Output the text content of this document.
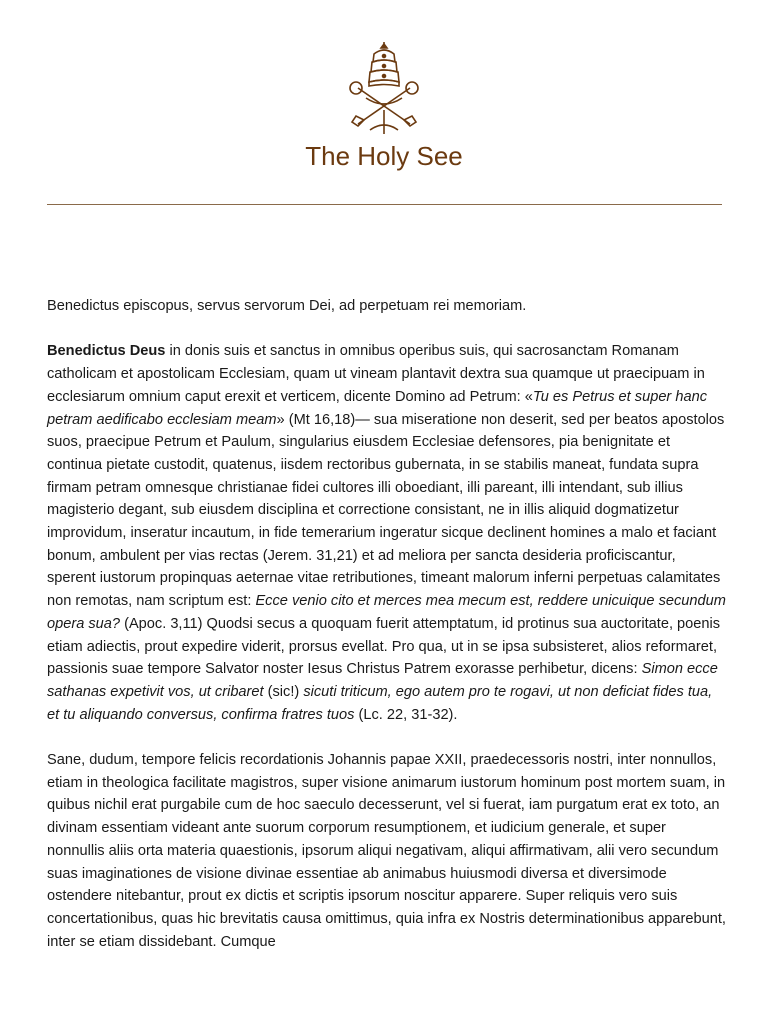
The Holy See

Benedictus episcopus, servus servorum Dei, ad perpetuam rei memoriam.

Benedictus Deus in donis suis et sanctus in omnibus operibus suis, qui sacrosanctam Romanam catholicam et apostolicam Ecclesiam, quam ut vineam plantavit dextra sua quamque ut praecipuam in ecclesiarum omnium caput erexit et verticem, dicente Domino ad Petrum: «Tu es Petrus et super hanc petram aedificabo ecclesiam meam» (Mt 16,18)— sua miseratione non deserit, sed per beatos apostolos suos, praecipue Petrum et Paulum, singularius eiusdem Ecclesiae defensores, pia benignitate et continua pietate custodit, quatenus, iisdem rectoribus gubernata, in se stabilis maneat, fundata supra firmam petram omnesque christianae fidei cultores illi oboediant, illi pareant, illi intendant, sub illius magisterio degant, sub eiusdem disciplina et correctione consistant, ne in illis aliquid dogmatizetur improvidum, inseratur incautum, in fide temerarium ingeratur sicque declinent homines a malo et faciant bonum, ambulent per vias rectas (Jerem. 31,21) et ad meliora per sancta desideria proficiscantur, sperent iustorum propinquas aeternae vitae retributiones, timeant malorum inferni perpetuas calamitates non remotas, nam scriptum est: Ecce venio cito et merces mea mecum est, reddere unicuique secundum opera sua? (Apoc. 3,11) Quodsi secus a quoquam fuerit attemptatum, id protinus sua auctoritate, poenis etiam adiectis, prout expedire viderit, prorsus evellat. Pro qua, ut in se ipsa subsisteret, alios reformaret, passionis suae tempore Salvator noster Iesus Christus Patrem exorasse perhibetur, dicens: Simon ecce sathanas expetivit vos, ut cribaret (sic!) sicuti triticum, ego autem pro te rogavi, ut non deficiat fides tua, et tu aliquando conversus, confirma fratres tuos (Lc. 22, 31-32).

Sane, dudum, tempore felicis recordationis Johannis papae XXII, praedecessoris nostri, inter nonnullos, etiam in theologica facilitate magistros, super visione animarum iustorum hominum post mortem suam, in quibus nichil erat purgabile cum de hoc saeculo decesserunt, vel si fuerat, iam purgatum erat ex toto, an divinam essentiam videant ante suorum corporum resumptionem, et iudicium generale, et super nonnullis aliis orta materia quaestionis, ipsorum aliqui negativam, aliqui affirmativam, alii vero secundum suas imaginationes de visione divinae essentiae ab animabus huiusmodi diversa et diversimode ostendere nitebantur, prout ex dictis et scriptis ipsorum noscitur apparere. Super reliquis vero suis concertationibus, quas hic brevitatis causa omittimus, quia infra ex Nostris determinationibus apparebunt, inter se etiam dissidebant. Cumque
